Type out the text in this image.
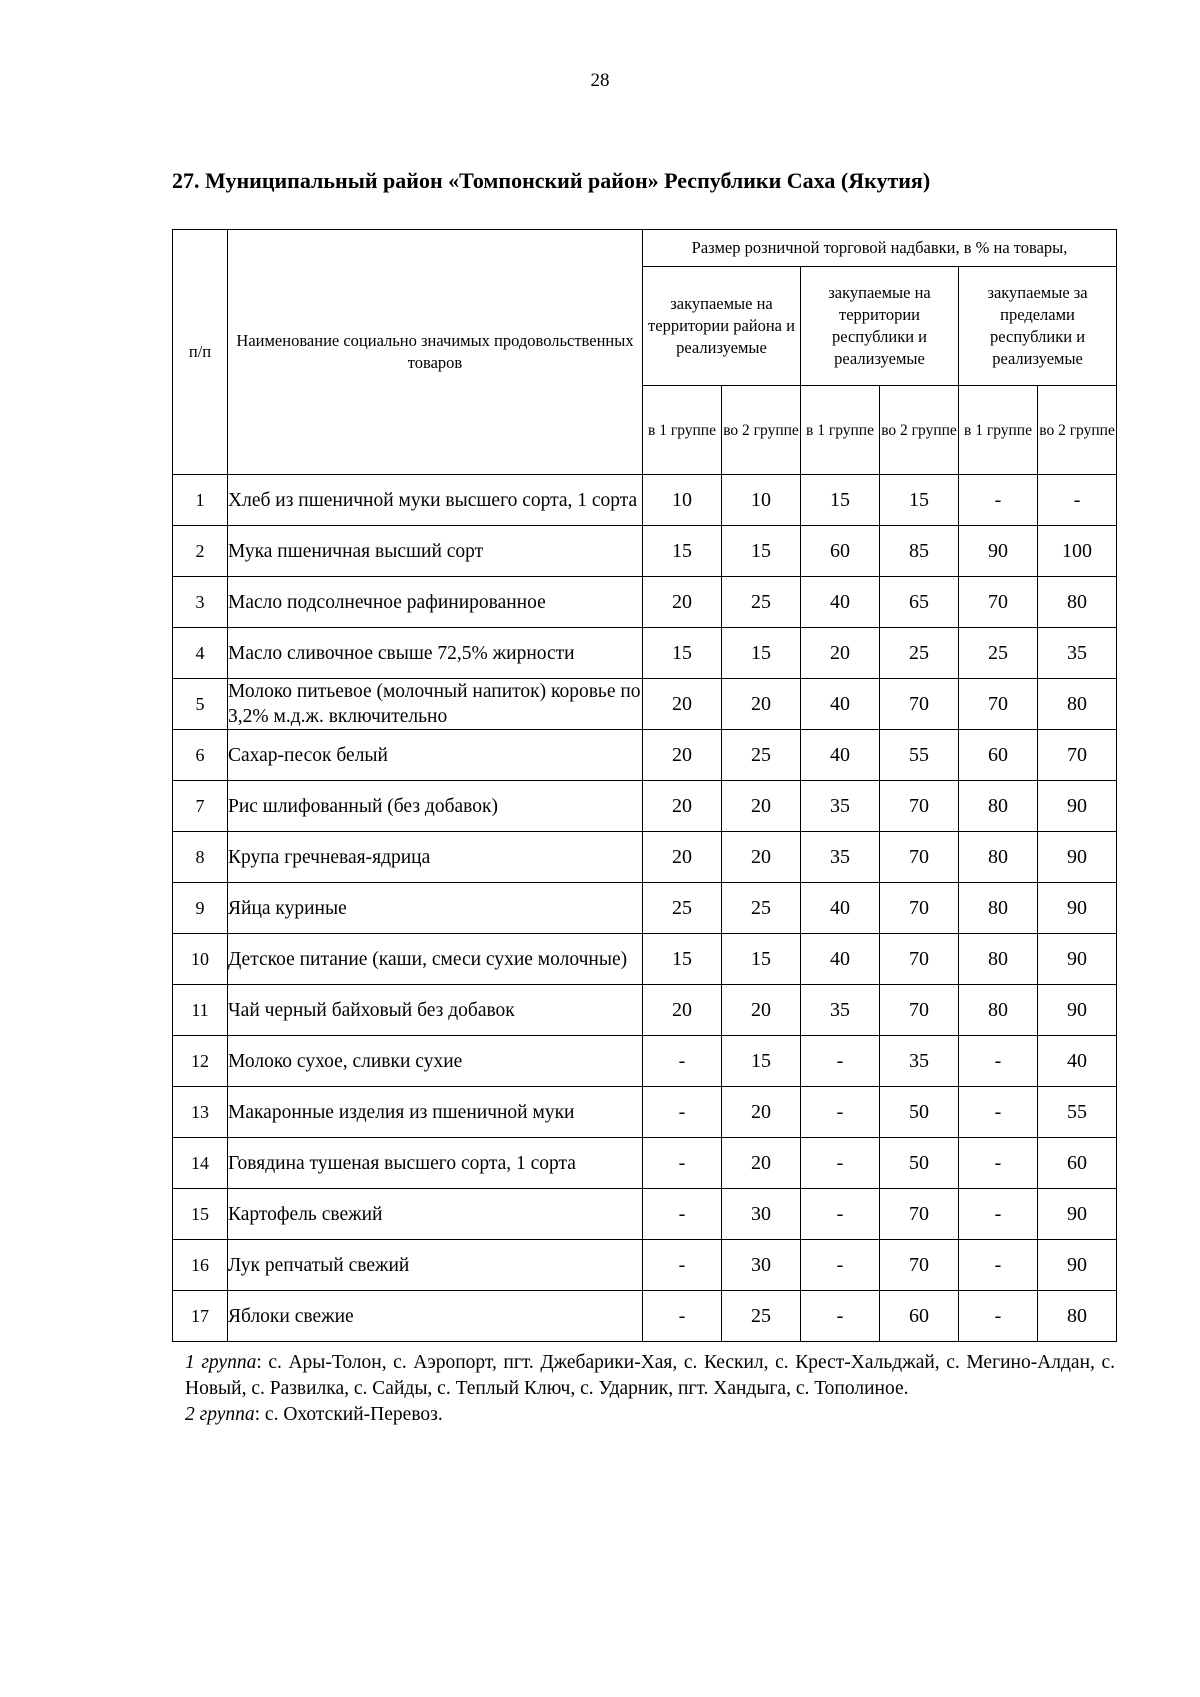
28
27. Муниципальный район «Томпонский район» Республики Саха (Якутия)
п/п	Наименование социально значимых продовольственных товаров	Размер розничной торговой надбавки, в % на товары,					
		закупаемые на территории района и реализуемые		закупаемые на территории республики и реализуемые		закупаемые за пределами республики и реализуемые	
		в 1 группе	во 2 группе	в 1 группе	во 2 группе	в 1 группе	во 2 группе
1	Хлеб из пшеничной муки высшего сорта, 1 сорта	10	10	15	15	-	-
2	Мука пшеничная высший сорт	15	15	60	85	90	100
3	Масло подсолнечное рафинированное	20	25	40	65	70	80
4	Масло сливочное свыше 72,5% жирности	15	15	20	25	25	35
5	Молоко питьевое (молочный напиток) коровье по 3,2% м.д.ж. включительно	20	20	40	70	70	80
6	Сахар-песок белый	20	25	40	55	60	70
7	Рис шлифованный (без добавок)	20	20	35	70	80	90
8	Крупа гречневая-ядрица	20	20	35	70	80	90
9	Яйца куриные	25	25	40	70	80	90
10	Детское питание (каши, смеси сухие молочные)	15	15	40	70	80	90
11	Чай черный байховый без добавок	20	20	35	70	80	90
12	Молоко сухое, сливки сухие	-	15	-	35	-	40
13	Макаронные изделия из пшеничной муки	-	20	-	50	-	55
14	Говядина тушеная высшего сорта, 1 сорта	-	20	-	50	-	60
15	Картофель свежий	-	30	-	70	-	90
16	Лук репчатый свежий	-	30	-	70	-	90
17	Яблоки свежие	-	25	-	60	-	80
1 группа: с. Ары-Толон, с. Аэропорт, пгт. Джебарики-Хая, с. Кескил, с. Крест-Хальджай, с. Мегино-Алдан, с. Новый, с. Развилка, с. Сайды, с. Теплый Ключ, с. Ударник, пгт. Хандыга, с. Тополиное.
2 группа: с. Охотский-Перевоз.
